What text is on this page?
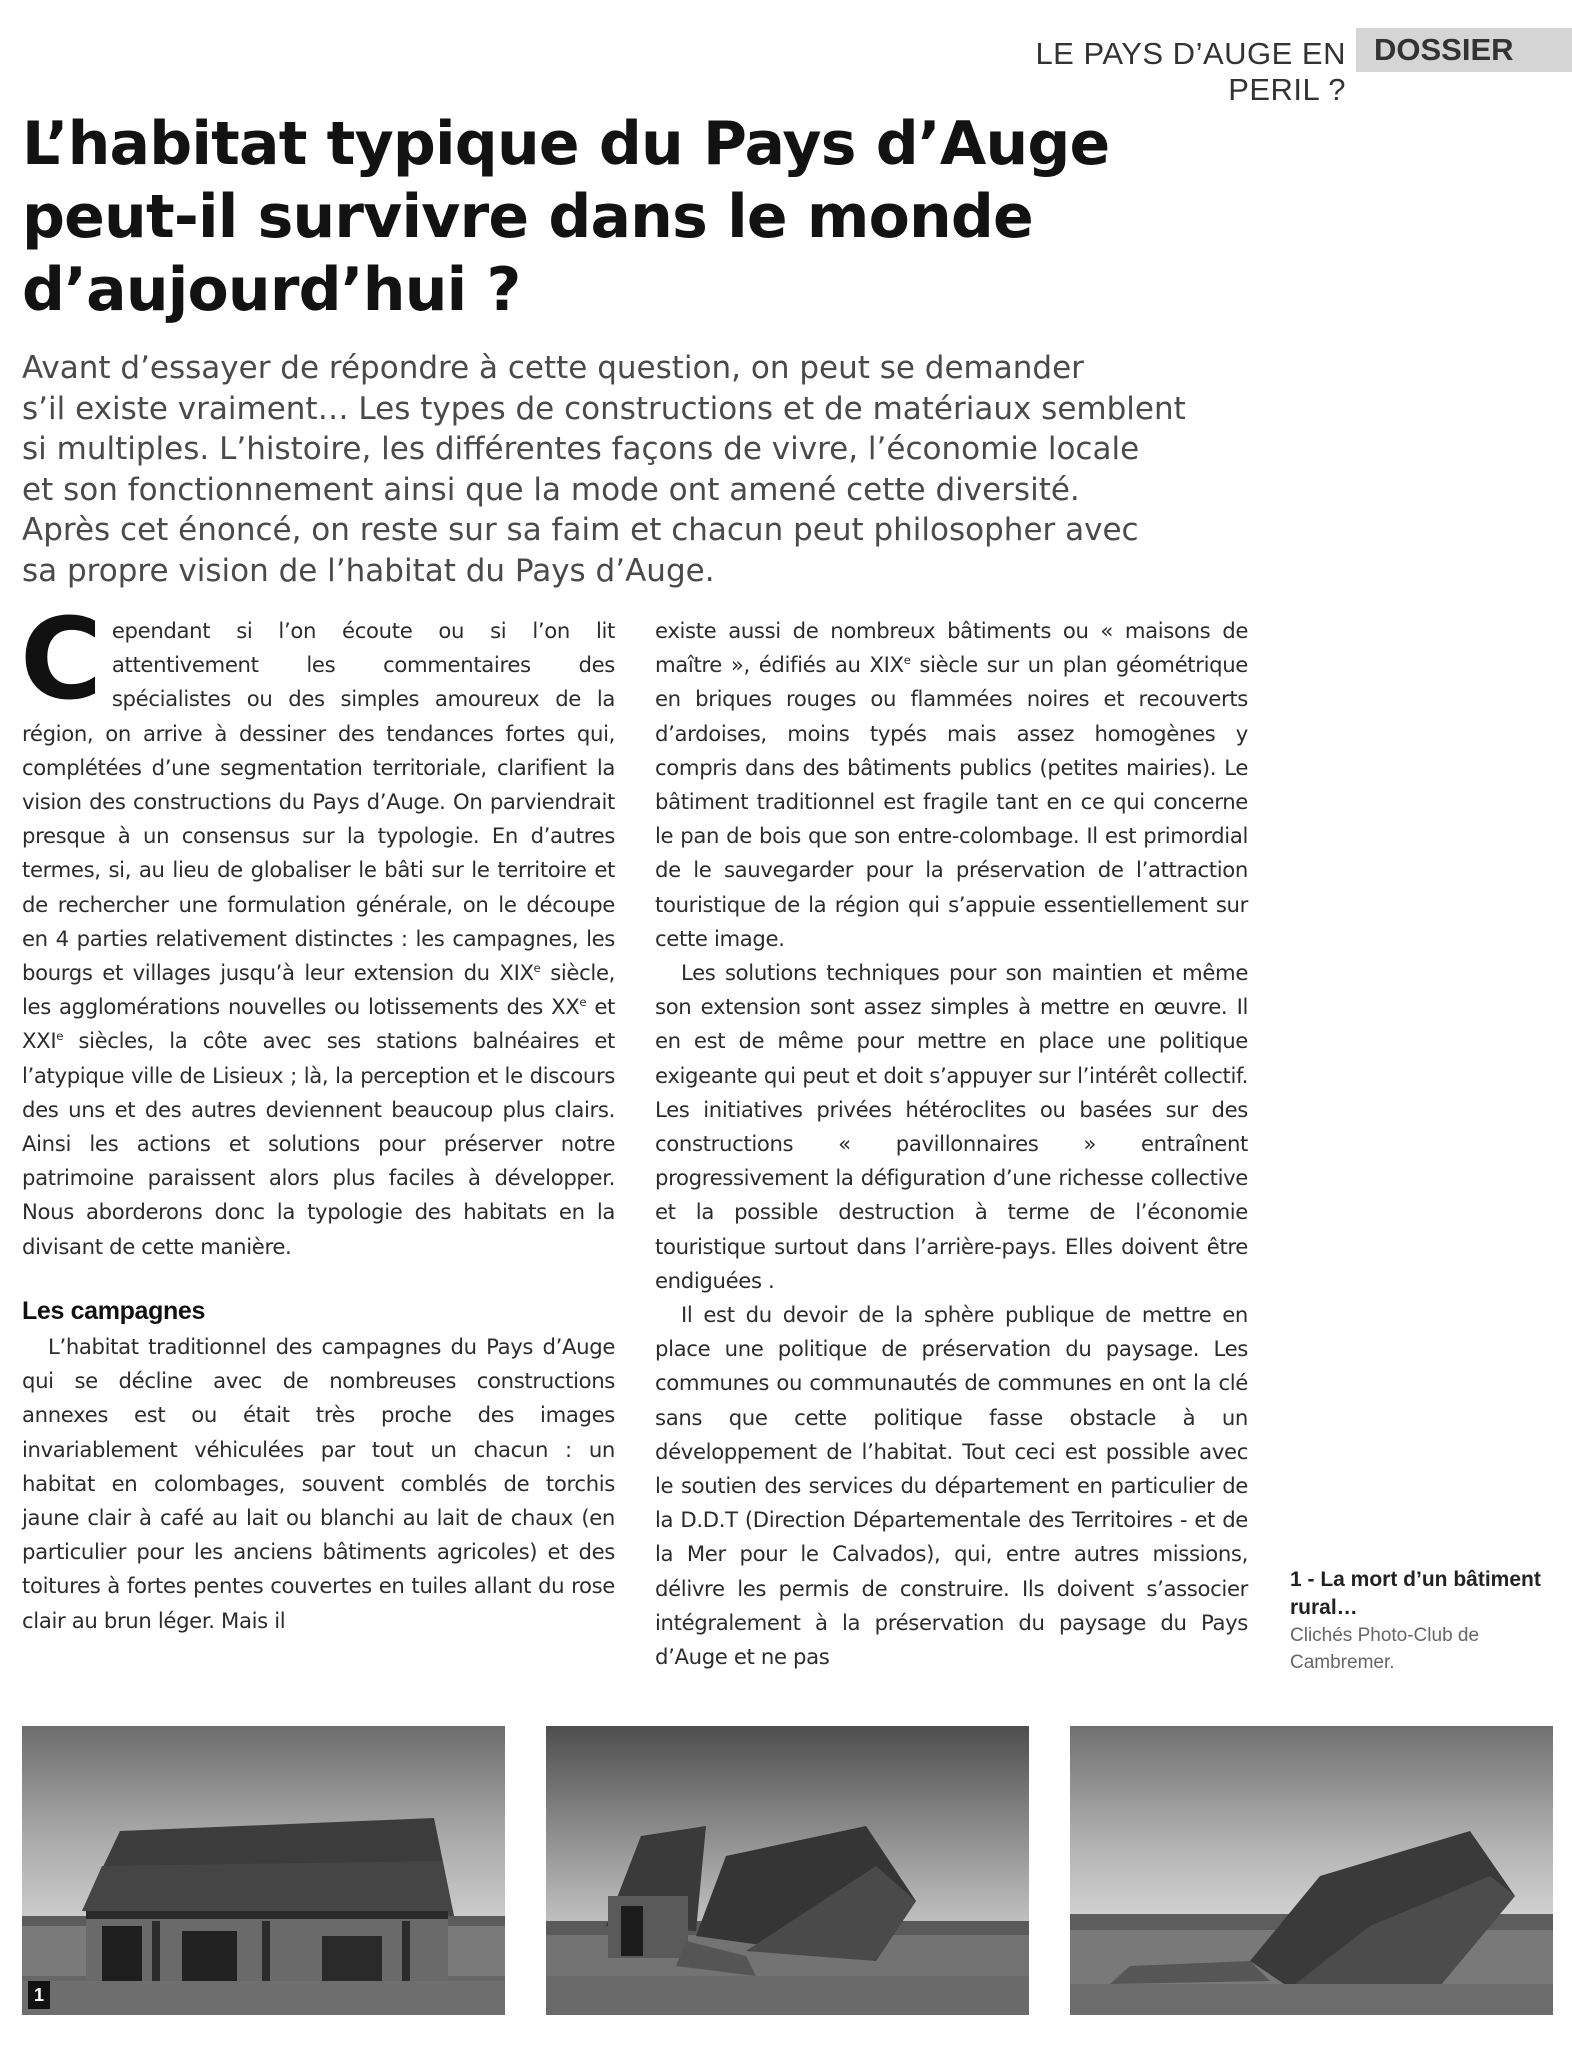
LE PAYS D’AUGE EN PERIL ?
DOSSIER
L’habitat typique du Pays d’Auge
peut-il survivre dans le monde
d’aujourd’hui ?

Avant d’essayer de répondre à cette question, on peut se demander
s’il existe vraiment… Les types de constructions et de matériaux semblent
si multiples. L’histoire, les différentes façons de vivre, l’économie locale
et son fonctionnement ainsi que la mode ont amené cette diversité.
Après cet énoncé, on reste sur sa faim et chacun peut philosopher avec
sa propre vision de l’habitat du Pays d’Auge.

Cependant si l’on écoute ou si l’on lit attentivement les commentaires des spécialistes ou des simples amoureux de la région, on arrive à dessiner des tendances fortes qui, complétées d’une segmentation territoriale, clarifient la vision des constructions du Pays d’Auge. On parviendrait presque à un consensus sur la typologie. En d’autres termes, si, au lieu de globaliser le bâti sur le territoire et de rechercher une formulation générale, on le découpe en 4 parties relativement distinctes : les campagnes, les bourgs et villages jusqu’à leur extension du XIXe siècle, les agglomérations nouvelles ou lotissements des XXe et XXIe siècles, la côte avec ses stations balnéaires et l’atypique ville de Lisieux ; là, la perception et le discours des uns et des autres deviennent beaucoup plus clairs. Ainsi les actions et solutions pour préserver notre patrimoine paraissent alors plus faciles à développer. Nous aborderons donc la typologie des habitats en la divisant de cette manière.

Les campagnes

L’habitat traditionnel des campagnes du Pays d’Auge qui se décline avec de nombreuses constructions annexes est ou était très proche des images invariablement véhiculées par tout un chacun : un habitat en colombages, souvent comblés de torchis jaune clair à café au lait ou blanchi au lait de chaux (en particulier pour les anciens bâtiments agricoles) et des toitures à fortes pentes couvertes en tuiles allant du rose clair au brun léger. Mais il

existe aussi de nombreux bâtiments ou « maisons de maître », édifiés au XIXe siècle sur un plan géométrique en briques rouges ou flammées noires et recouverts d’ardoises, moins typés mais assez homogènes y compris dans des bâtiments publics (petites mairies). Le bâtiment traditionnel est fragile tant en ce qui concerne le pan de bois que son entre-colombage. Il est primordial de le sauvegarder pour la préservation de l’attraction touristique de la région qui s’appuie essentiellement sur cette image.

Les solutions techniques pour son maintien et même son extension sont assez simples à mettre en œuvre. Il en est de même pour mettre en place une politique exigeante qui peut et doit s’appuyer sur l’intérêt collectif. Les initiatives privées hétéroclites ou basées sur des constructions « pavillonnaires » entraînent progressivement la défiguration d’une richesse collective et la possible destruction à terme de l’économie touristique surtout dans l’arrière-pays. Elles doivent être endiguées .

Il est du devoir de la sphère publique de mettre en place une politique de préservation du paysage. Les communes ou communautés de communes en ont la clé sans que cette politique fasse obstacle à un développement de l’habitat. Tout ceci est possible avec le soutien des services du département en particulier de la D.D.T (Direction Départementale des Territoires - et de la Mer pour le Calvados), qui, entre autres missions, délivre les permis de construire. Ils doivent s’associer intégralement à la préservation du paysage du Pays d’Auge et ne pas

1 - La mort d’un bâtiment
rural…
Clichés Photo-Club de
Cambremer.
1
